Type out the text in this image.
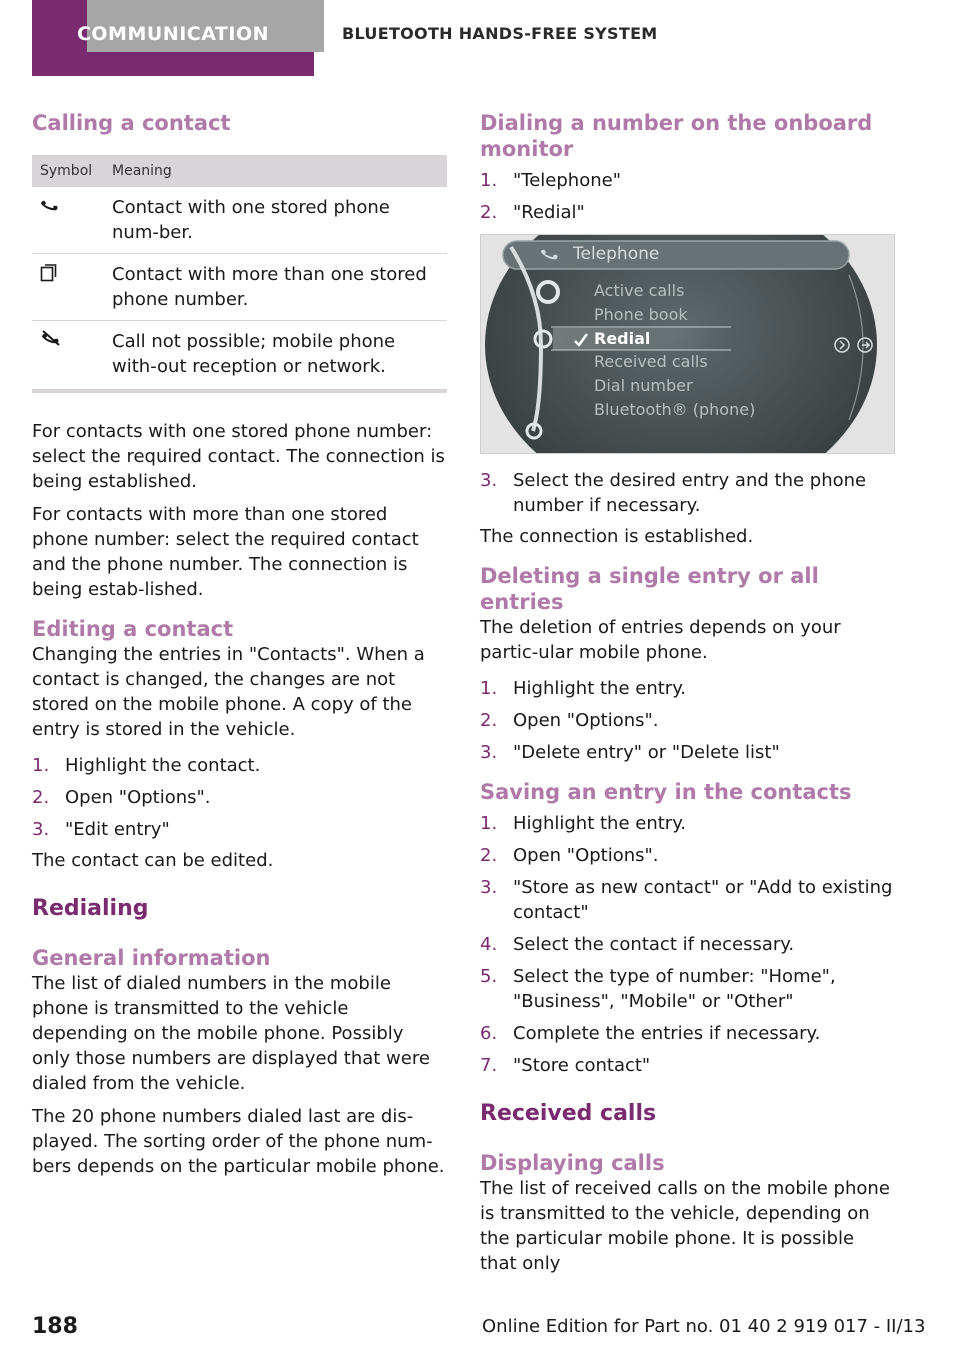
COMMUNICATION	BLUETOOTH HANDS-FREE SYSTEM
Calling a contact
Symbol	Meaning
	Contact with one stored phone num-ber.
	Contact with more than one stored phone number.
	Call not possible; mobile phone with-out reception or network.

For contacts with one stored phone number: select the required contact. The connection is being established.

For contacts with more than one stored phone number: select the required contact and the phone number. The connection is being estab-lished.

Editing a contact

Changing the entries in "Contacts". When a contact is changed, the changes are not stored on the mobile phone. A copy of the entry is stored in the vehicle.

1. Highlight the contact.
2. Open "Options".
3. "Edit entry"

The contact can be edited.

Redialing
General information

The list of dialed numbers in the mobile phone is transmitted to the vehicle depending on the mobile phone. Possibly only those numbers are displayed that were dialed from the vehicle.

The 20 phone numbers dialed last are dis-played. The sorting order of the phone num-bers depends on the particular mobile phone.

Dialing a number on the onboard monitor
1. "Telephone"
2. "Redial"
Telephone
Active calls
Phone book
Redial
Received calls
Dial number
Bluetooth® (phone)
3. Select the desired entry and the phone number if necessary.

The connection is established.

Deleting a single entry or all entries

The deletion of entries depends on your partic-ular mobile phone.

1. Highlight the entry.
2. Open "Options".
3. "Delete entry" or "Delete list"
Saving an entry in the contacts
1. Highlight the entry.
2. Open "Options".
3. "Store as new contact" or "Add to existing contact"
4. Select the contact if necessary.
5. Select the type of number: "Home", "Business", "Mobile" or "Other"
6. Complete the entries if necessary.
7. "Store contact"
Received calls
Displaying calls

The list of received calls on the mobile phone is transmitted to the vehicle, depending on the particular mobile phone. It is possible that only

188	Online Edition for Part no. 01 40 2 919 017 - II/13
